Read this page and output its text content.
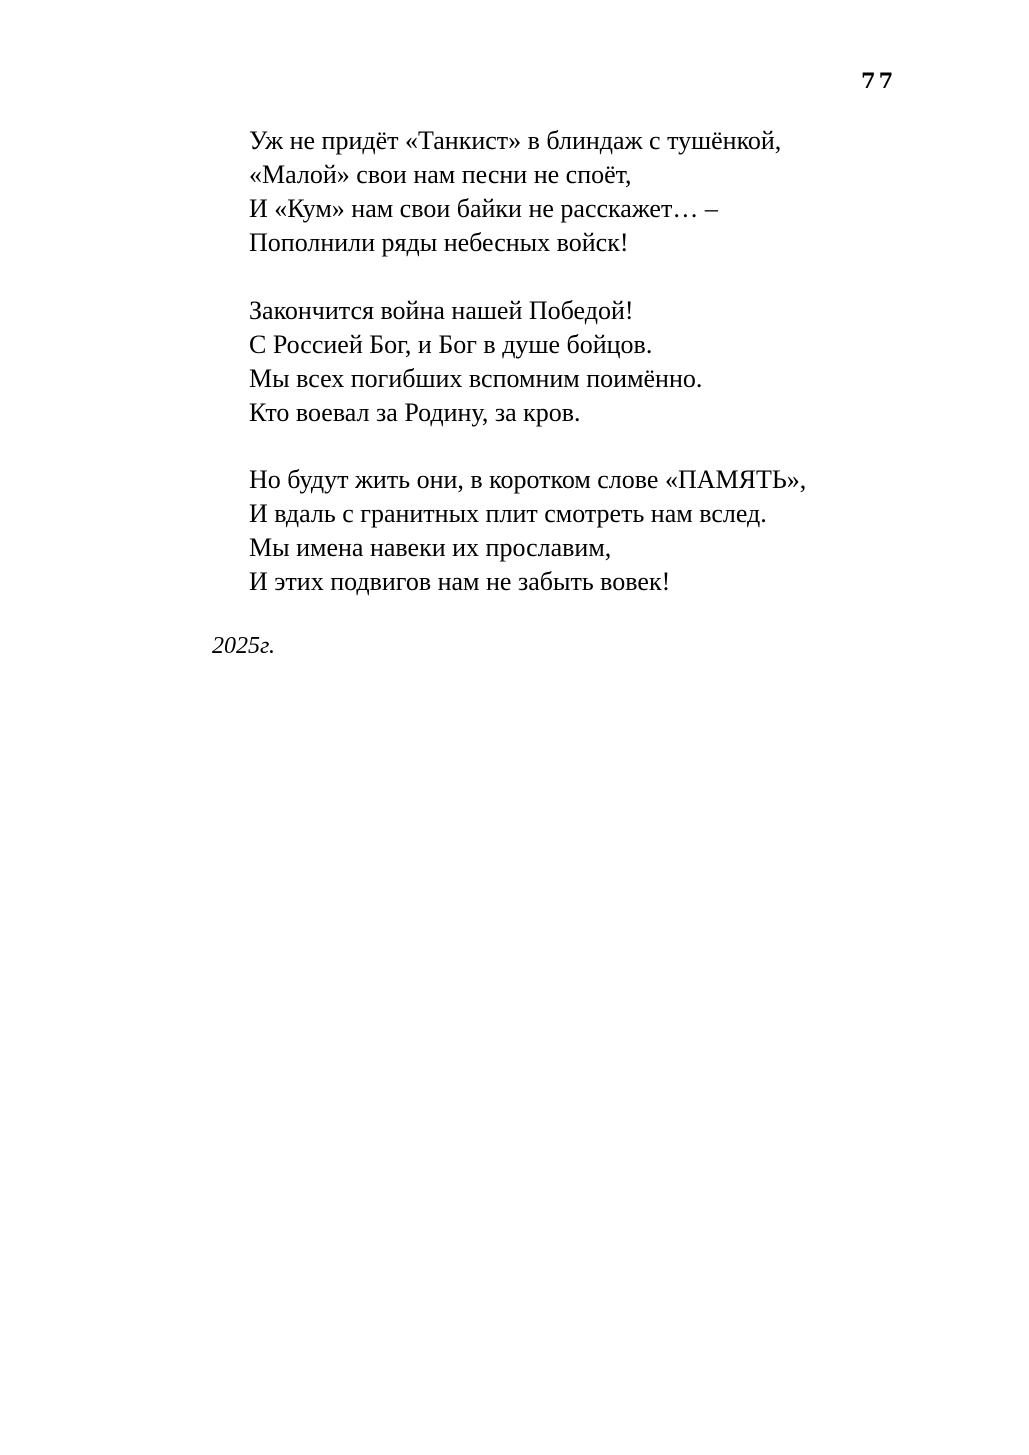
77
Уж не придёт «Танкист» в блиндаж с тушёнкой,
«Малой» свои нам песни не споёт,
И «Кум» нам свои байки не расскажет… –
Пополнили ряды небесных войск!
Закончится война нашей Победой!
С Россией Бог, и Бог в душе бойцов.
Мы всех погибших вспомним поимённо.
Кто воевал за Родину, за кров.
Но будут жить они, в коротком слове «ПАМЯТЬ»,
И вдаль с гранитных плит смотреть нам вслед.
Мы имена навеки их прославим,
И этих подвигов нам не забыть вовек!
2025г.
